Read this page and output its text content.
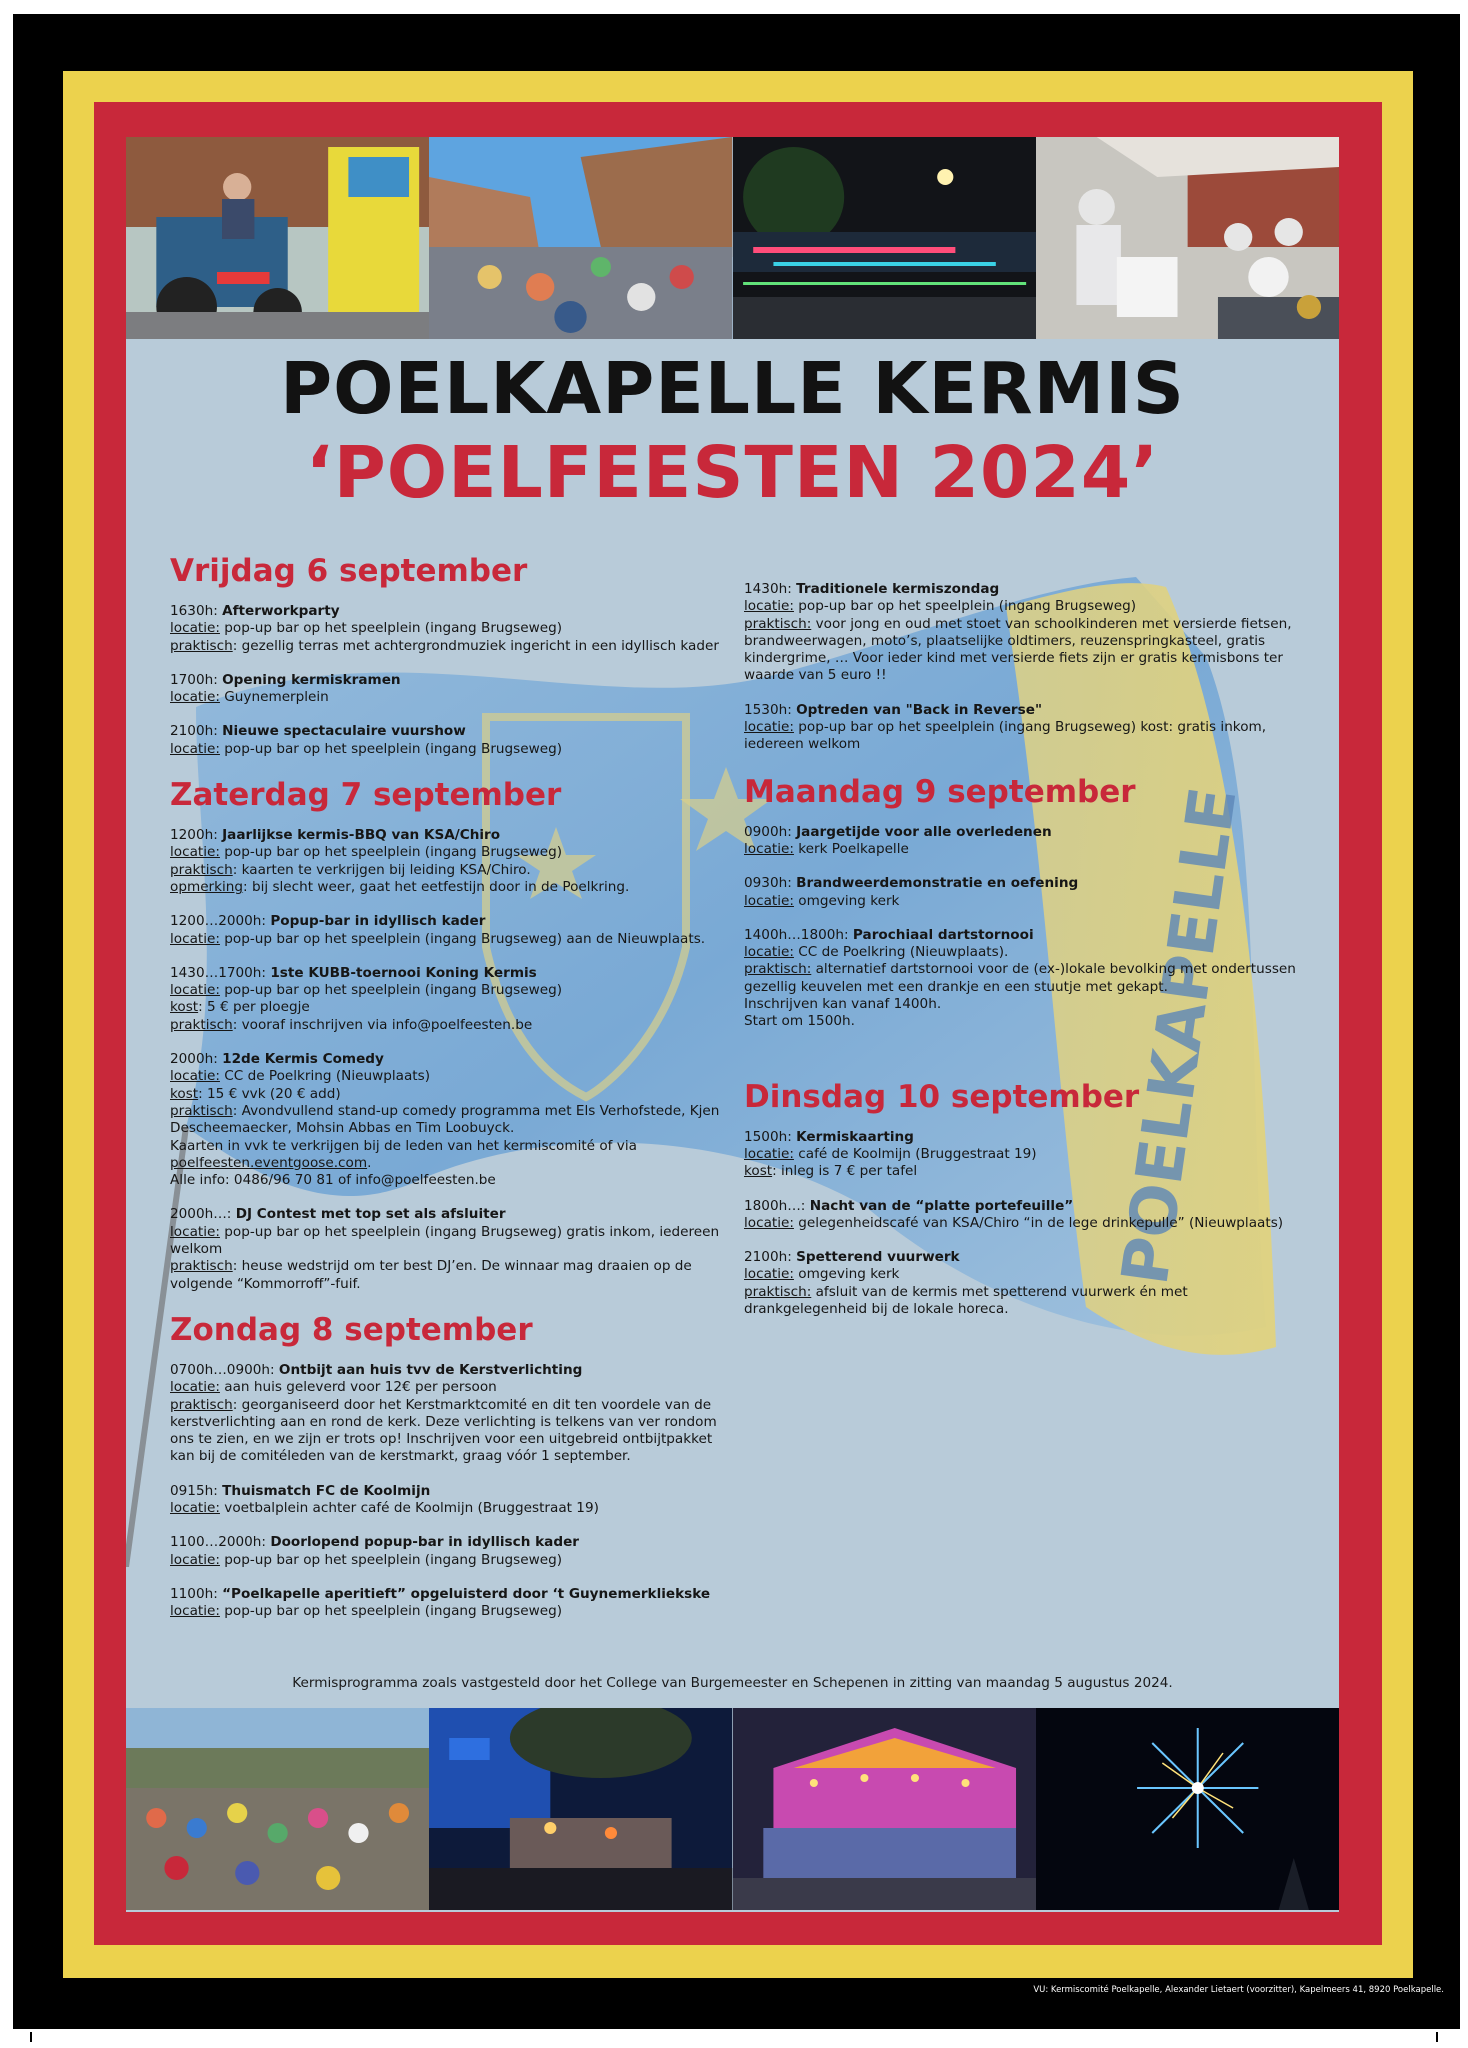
POELKAPELLE
POELKAPELLE KERMIS
‘POELFEESTEN 2024’
Vrijdag 6 september
1630h: Afterworkparty
locatie: pop-up bar op het speelplein (ingang Brugseweg)
praktisch: gezellig terras met achtergrondmuziek ingericht in een idyllisch kader
1700h: Opening kermiskramen
locatie: Guynemerplein
2100h: Nieuwe spectaculaire vuurshow
locatie: pop-up bar op het speelplein (ingang Brugseweg)
Zaterdag 7 september
1200h: Jaarlijkse kermis-BBQ van KSA/Chiro
locatie: pop-up bar op het speelplein (ingang Brugseweg)
praktisch: kaarten te verkrijgen bij leiding KSA/Chiro.
opmerking: bij slecht weer, gaat het eetfestijn door in de Poelkring.
1200…2000h: Popup-bar in idyllisch kader
locatie: pop-up bar op het speelplein (ingang Brugseweg) aan de Nieuwplaats.
1430…1700h: 1ste KUBB-toernooi Koning Kermis
locatie: pop-up bar op het speelplein (ingang Brugseweg)
kost: 5 € per ploegje
praktisch: vooraf inschrijven via info@poelfeesten.be
2000h: 12de Kermis Comedy
locatie: CC de Poelkring (Nieuwplaats)
kost: 15 € vvk (20 € add)
praktisch: Avondvullend stand-up comedy programma met Els Verhofstede, Kjen Descheemaecker, Mohsin Abbas en Tim Loobuyck.
Kaarten in vvk te verkrijgen bij de leden van het kermiscomité of via
poelfeesten.eventgoose.com.
Alle info: 0486/96 70 81 of info@poelfeesten.be
2000h…: DJ Contest met top set als afsluiter
locatie: pop-up bar op het speelplein (ingang Brugseweg) gratis inkom, iedereen welkom
praktisch: heuse wedstrijd om ter best DJ’en. De winnaar mag draaien op de volgende “Kommorroff”-fuif.
Zondag 8 september
0700h…0900h: Ontbijt aan huis tvv de Kerstverlichting
locatie: aan huis geleverd voor 12€ per persoon
praktisch: georganiseerd door het Kerstmarktcomité en dit ten voordele van de kerstverlichting aan en rond de kerk. Deze verlichting is telkens van ver rondom ons te zien, en we zijn er trots op! Inschrijven voor een uitgebreid ontbijtpakket kan bij de comitéleden van de kerstmarkt, graag vóór 1 september.
0915h: Thuismatch FC de Koolmijn
locatie: voetbalplein achter café de Koolmijn (Bruggestraat 19)
1100…2000h: Doorlopend popup-bar in idyllisch kader
locatie: pop-up bar op het speelplein (ingang Brugseweg)
1100h: “Poelkapelle aperitieft” opgeluisterd door ‘t Guynemerkliekske
locatie: pop-up bar op het speelplein (ingang Brugseweg)
1430h: Traditionele kermiszondag
locatie: pop-up bar op het speelplein (ingang Brugseweg)
praktisch: voor jong en oud met stoet van schoolkinderen met versierde fietsen, brandweerwagen, moto’s, plaatselijke oldtimers, reuzenspringkasteel, gratis kindergrime, … Voor ieder kind met versierde fiets zijn er gratis kermisbons ter waarde van 5 euro !!
1530h: Optreden van "Back in Reverse"
locatie: pop-up bar op het speelplein (ingang Brugseweg) kost: gratis inkom, iedereen welkom
Maandag 9 september
0900h: Jaargetijde voor alle overledenen
locatie: kerk Poelkapelle
0930h: Brandweerdemonstratie en oefening
locatie: omgeving kerk
1400h…1800h: Parochiaal dartstornooi
locatie: CC de Poelkring (Nieuwplaats).
praktisch: alternatief dartstornooi voor de (ex-)lokale bevolking met ondertussen gezellig keuvelen met een drankje en een stuutje met gekapt.
Inschrijven kan vanaf 1400h.
Start om 1500h.
Dinsdag 10 september
1500h: Kermiskaarting
locatie: café de Koolmijn (Bruggestraat 19)
kost: inleg is 7 € per tafel
1800h…: Nacht van de “platte portefeuille”
locatie: gelegenheidscafé van KSA/Chiro “in de lege drinkepulle” (Nieuwplaats)
2100h: Spetterend vuurwerk
locatie: omgeving kerk
praktisch: afsluit van de kermis met spetterend vuurwerk én met drankgelegenheid bij de lokale horeca.
Kermisprogramma zoals vastgesteld door het College van Burgemeester en Schepenen in zitting van maandag 5 augustus 2024.
VU: Kermiscomité Poelkapelle, Alexander Lietaert (voorzitter), Kapelmeers 41, 8920 Poelkapelle.
